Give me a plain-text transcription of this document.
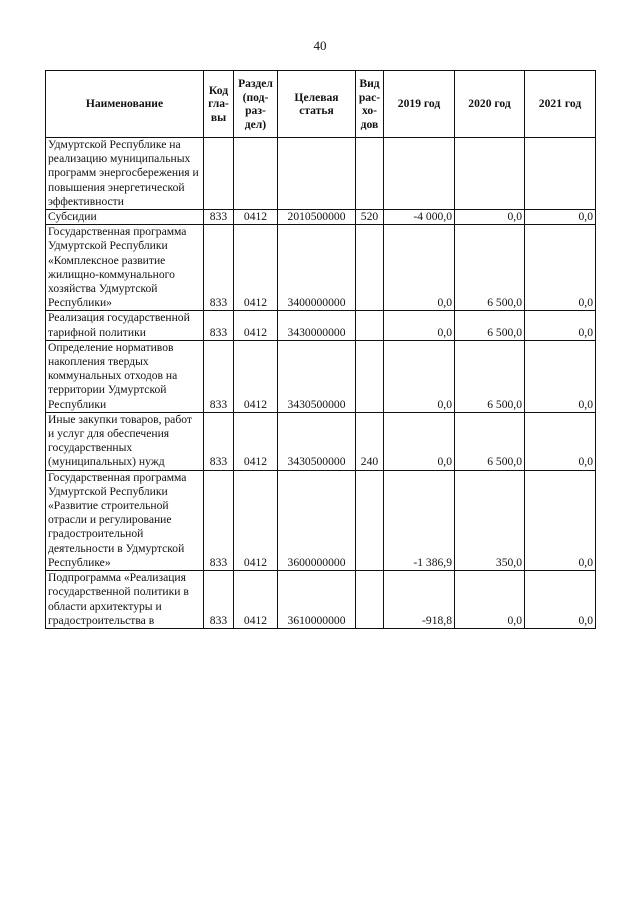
40
Наименование	Код гла-вы	Раздел (под-раз-дел)	Целевая статья	Вид рас-хо-дов	2019 год	2020 год	2021 год
Удмуртской Республике на реализацию муниципальных программ энергосбережения и повышения энергетической эффективности							
Субсидии	833	0412	2010500000	520	-4 000,0	0,0	0,0
Государственная программа Удмуртской Республики «Комплексное развитие жилищно-коммунального хозяйства Удмуртской Республики»	833	0412	3400000000		0,0	6 500,0	0,0
Реализация государственной тарифной политики	833	0412	3430000000		0,0	6 500,0	0,0
Определение нормативов накопления твердых коммунальных отходов на территории Удмуртской Республики	833	0412	3430500000		0,0	6 500,0	0,0
Иные закупки товаров, работ и услуг для обеспечения государственных (муниципальных) нужд	833	0412	3430500000	240	0,0	6 500,0	0,0
Государственная программа Удмуртской Республики «Развитие строительной отрасли и регулирование градостроительной деятельности в Удмуртской Республике»	833	0412	3600000000		-1 386,9	350,0	0,0
Подпрограмма «Реализация государственной политики в области архитектуры и градостроительства в	833	0412	3610000000		-918,8	0,0	0,0
